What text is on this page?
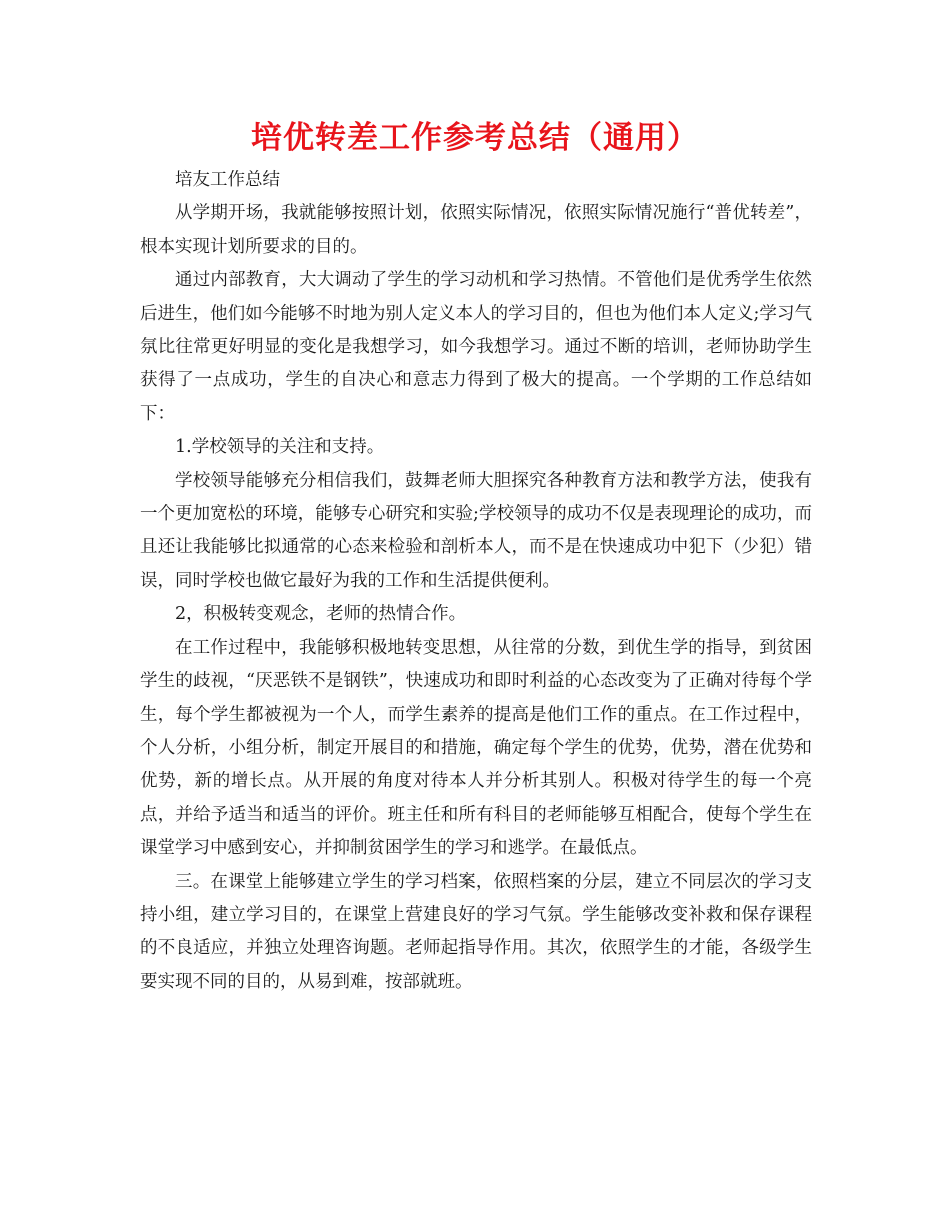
培优转差工作参考总结（通用）

培友工作总结

从学期开场，我就能够按照计划，依照实际情况，依照实际情况施行“普优转差”，根本实现计划所要求的目的。

通过内部教育，大大调动了学生的学习动机和学习热情。不管他们是优秀学生依然后进生，他们如今能够不时地为别人定义本人的学习目的，但也为他们本人定义;学习气氛比往常更好明显的变化是我想学习，如今我想学习。通过不断的培训，老师协助学生获得了一点成功，学生的自决心和意志力得到了极大的提高。一个学期的工作总结如下：

1.学校领导的关注和支持。

学校领导能够充分相信我们，鼓舞老师大胆探究各种教育方法和教学方法，使我有一个更加宽松的环境，能够专心研究和实验;学校领导的成功不仅是表现理论的成功，而且还让我能够比拟通常的心态来检验和剖析本人，而不是在快速成功中犯下（少犯）错误，同时学校也做它最好为我的工作和生活提供便利。

2，积极转变观念，老师的热情合作。

在工作过程中，我能够积极地转变思想，从往常的分数，到优生学的指导，到贫困学生的歧视，“厌恶铁不是钢铁”，快速成功和即时利益的心态改变为了正确对待每个学生，每个学生都被视为一个人，而学生素养的提高是他们工作的重点。在工作过程中，个人分析，小组分析，制定开展目的和措施，确定每个学生的优势，优势，潜在优势和优势，新的增长点。从开展的角度对待本人并分析其别人。积极对待学生的每一个亮点，并给予适当和适当的评价。班主任和所有科目的老师能够互相配合，使每个学生在课堂学习中感到安心，并抑制贫困学生的学习和逃学。在最低点。

三。在课堂上能够建立学生的学习档案，依照档案的分层，建立不同层次的学习支持小组，建立学习目的，在课堂上营建良好的学习气氛。学生能够改变补救和保存课程的不良适应，并独立处理咨询题。老师起指导作用。其次，依照学生的才能，各级学生要实现不同的目的，从易到难，按部就班。
